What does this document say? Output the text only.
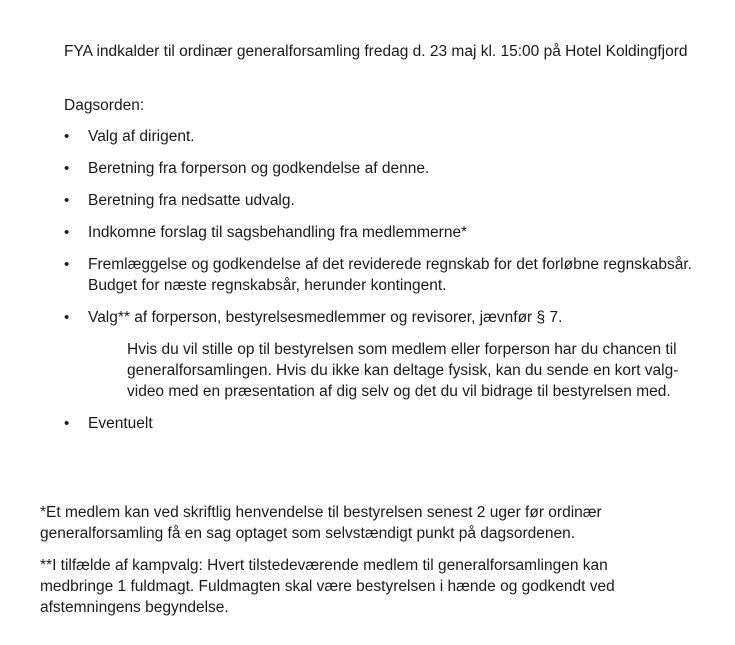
FYA indkalder til ordinær generalforsamling fredag d. 23 maj kl. 15:00 på Hotel Koldingfjord

Dagsorden:

•	Valg af dirigent.
•	Beretning fra forperson og godkendelse af denne.
•	Beretning fra nedsatte udvalg.
•	Indkomne forslag til sagsbehandling fra medlemmerne*
•	Fremlæggelse og godkendelse af det reviderede regnskab for det forløbne regnskabsår. Budget for næste regnskabsår, herunder kontingent.
•	Valg** af forperson, bestyrelsesmedlemmer og revisorer, jævnfør § 7.
Hvis du vil stille op til bestyrelsen som medlem eller forperson har du chancen til generalforsamlingen. Hvis du ikke kan deltage fysisk, kan du sende en kort valg-video med en præsentation af dig selv og det du vil bidrage til bestyrelsen med.
•	Eventuelt

*Et medlem kan ved skriftlig henvendelse til bestyrelsen senest 2 uger før ordinær generalforsamling få en sag optaget som selvstændigt punkt på dagsordenen.

**I tilfælde af kampvalg: Hvert tilstedeværende medlem til generalforsamlingen kan medbringe 1 fuldmagt. Fuldmagten skal være bestyrelsen i hænde og godkendt ved afstemningens begyndelse.
